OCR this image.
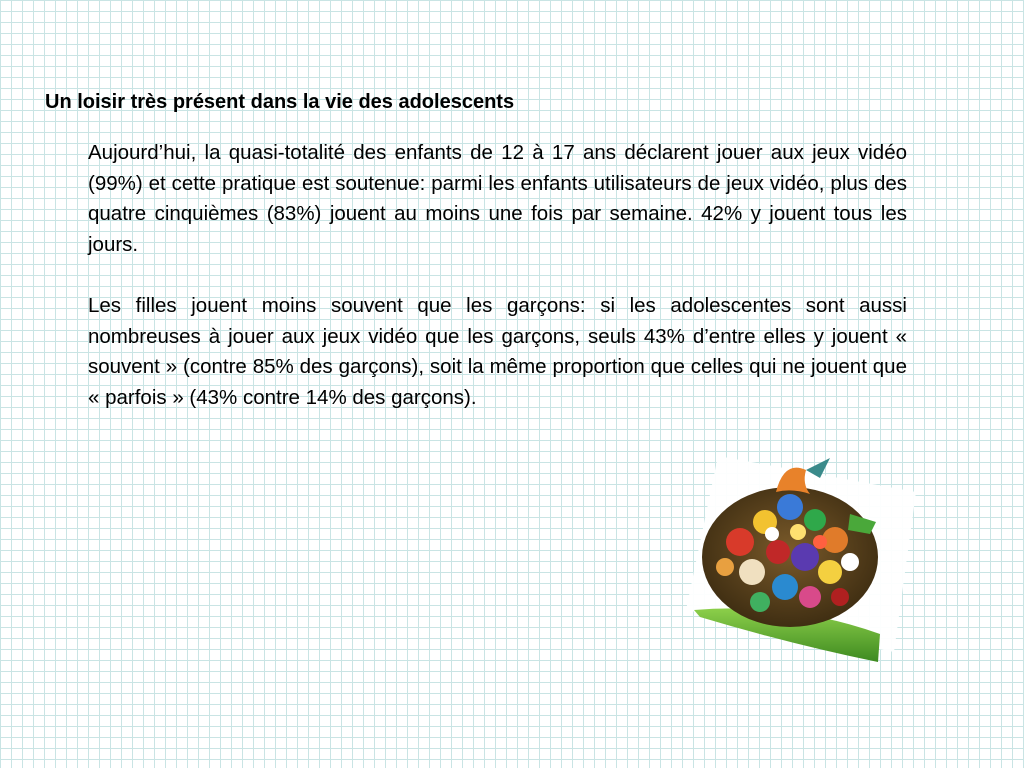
Un loisir très présent dans la vie des adolescents

Aujourd’hui, la quasi-totalité des enfants de 12 à 17 ans déclarent jouer aux jeux vidéo (99%) et cette pratique est soutenue: parmi les enfants utilisateurs de jeux vidéo, plus des quatre cinquièmes (83%) jouent au moins une fois par semaine. 42% y jouent tous les jours.

Les filles jouent moins souvent que les garçons: si les adolescentes sont aussi nombreuses à jouer aux jeux vidéo que les garçons, seuls 43% d’entre elles y jouent « souvent » (contre 85% des garçons), soit la même proportion que celles qui ne jouent que « parfois » (43% contre 14% des garçons).
